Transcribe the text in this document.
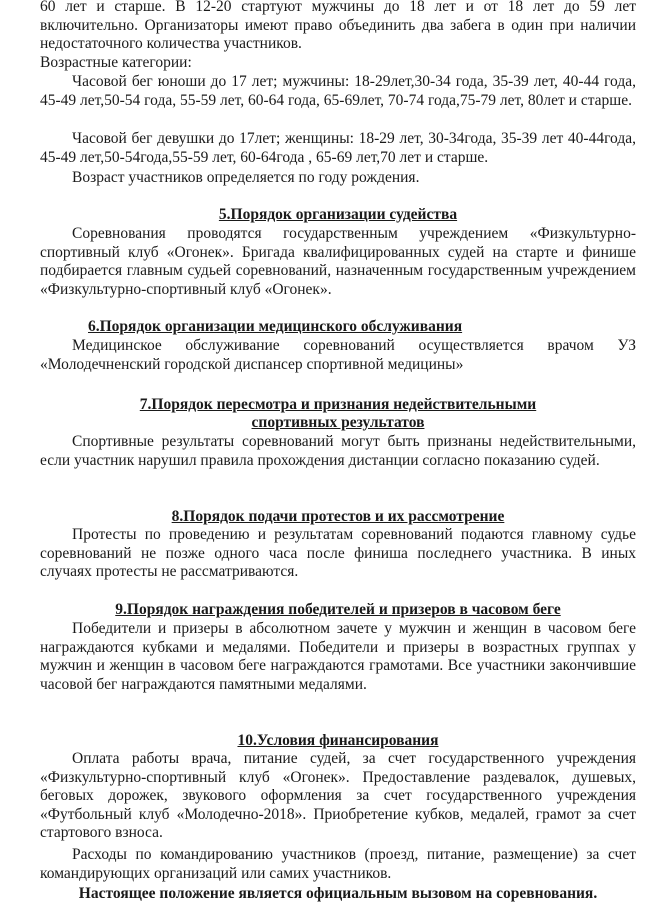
60 лет и старше. В 12-20 стартуют мужчины до 18 лет и от 18 лет до 59 лет включительно. Организаторы имеют право объединить два забега в один при наличии недостаточного количества участников.

Возрастные категории:

Часовой бег юноши до 17 лет; мужчины: 18-29лет,30-34 года, 35-39 лет, 40-44 года, 45-49 лет,50-54 года, 55-59 лет, 60-64 года, 65-69лет, 70-74 года,75-79 лет, 80лет и старше.

Часовой бег девушки до 17лет; женщины: 18-29 лет, 30-34года, 35-39 лет 40-44года, 45-49 лет,50-54года,55-59 лет, 60-64года , 65-69 лет,70 лет и старше.

Возраст участников определяется по году рождения.

5.Порядок организации судейства

Соревнования проводятся государственным учреждением «Физкультурно-спортивный клуб «Огонек». Бригада квалифицированных судей на старте и финише подбирается главным судьей соревнований, назначенным государственным учреждением «Физкультурно-спортивный клуб «Огонек».

6.Порядок организации медицинского обслуживания

Медицинское обслуживание соревнований осуществляется врачом УЗ «Молодечненский городской диспансер спортивной медицины»

7.Порядок пересмотра и признания недействительными
спортивных результатов

Спортивные результаты соревнований могут быть признаны недействительными, если участник нарушил правила прохождения дистанции согласно показанию судей.

8.Порядок подачи протестов и их рассмотрение

Протесты по проведению и результатам соревнований подаются главному судье соревнований не позже одного часа после финиша последнего участника. В иных случаях протесты не рассматриваются.

9.Порядок награждения победителей и призеров в часовом беге

Победители и призеры в абсолютном зачете у мужчин и женщин в часовом беге награждаются кубками и медалями. Победители и призеры в возрастных группах у мужчин и женщин в часовом беге награждаются грамотами. Все участники закончившие часовой бег награждаются памятными медалями.

10.Условия финансирования

Оплата работы врача, питание судей, за счет государственного учреждения «Физкультурно-спортивный клуб «Огонек». Предоставление раздевалок, душевых, беговых дорожек, звукового оформления за счет государственного учреждения «Футбольный клуб «Молодечно-2018». Приобретение кубков, медалей, грамот за счет стартового взноса.

Расходы по командированию участников (проезд, питание, размещение) за счет командирующих организаций или самих участников.

Настоящее положение является официальным вызовом на соревнования.
